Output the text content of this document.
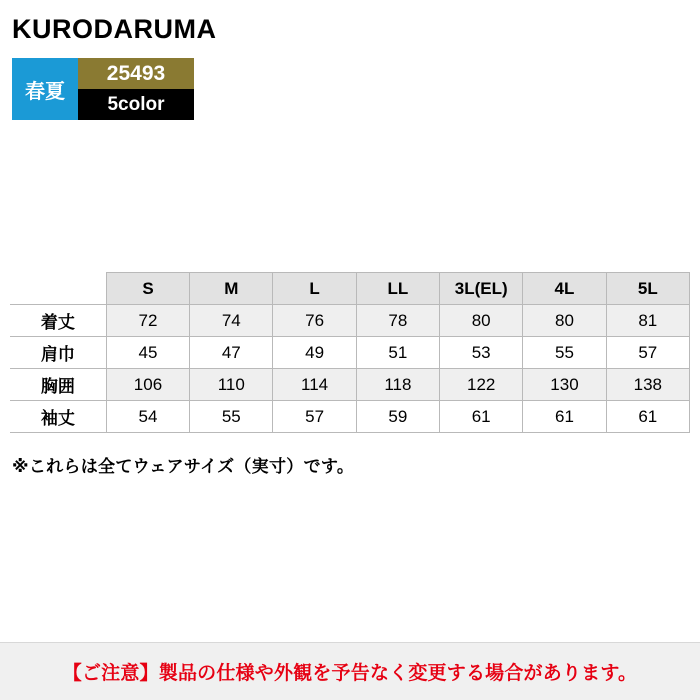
KURODARUMA
春夏
25493
5color
	S	M	L	LL	3L(EL)	4L	5L
着丈	72	74	76	78	80	80	81
肩巾	45	47	49	51	53	55	57
胸囲	106	110	114	118	122	130	138
袖丈	54	55	57	59	61	61	61
※これらは全てウェアサイズ（実寸）です。
【ご注意】製品の仕様や外観を予告なく変更する場合があります。
